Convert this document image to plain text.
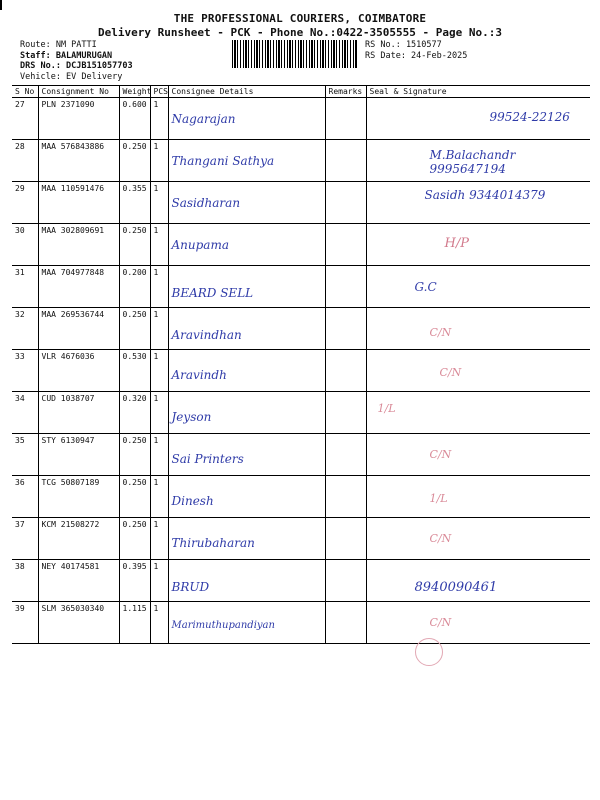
THE PROFESSIONAL COURIERS, COIMBATORE
Delivery Runsheet - PCK - Phone No.:0422-3505555 - Page No.:3
Route: NM PATTI
Staff: BALAMURUGAN
DRS No.: DCJB151057703
Vehicle: EV Delivery
RS No.: 1510577
RS Date: 24-Feb-2025
S No	Consignment No	Weight	PCS	Consignee Details	Remarks	Seal & Signature
27	PLN 2371090	0.600	1	Nagarajan		99524-22126

28	MAA 576843886	0.250	1	Thangani Sathya		M.Balachandr 9995647194

29	MAA 110591476	0.355	1	Sasidharan		Sasidh 9344014379

30	MAA 302809691	0.250	1	Anupama		H/P

31	MAA 704977848	0.200	1	BEARD SELL		G.C

32	MAA 269536744	0.250	1	Aravindhan		C/N

33	VLR 4676036	0.530	1	Aravindh		C/N

34	CUD 1038707	0.320	1	Jeyson		1/L

35	STY 6130947	0.250	1	Sai Printers		C/N

36	TCG 50807189	0.250	1	Dinesh		1/L

37	KCM 21508272	0.250	1	Thirubaharan		C/N

38	NEY 40174581	0.395	1	BRUD		8940090461

39	SLM 365030340	1.115	1	Marimuthupandiyan		C/N
